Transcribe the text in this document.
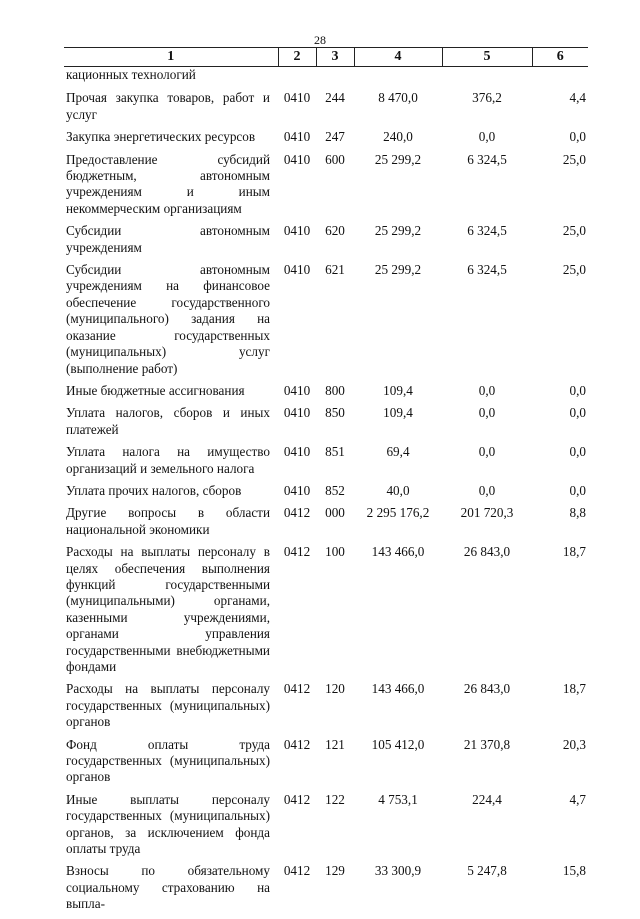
28
1	2	3	4	5	6
кационных технологий					
Прочая закупка товаров, работ и услуг	0410	244	8 470,0	376,2	4,4
Закупка энергетических ресурсов	0410	247	240,0	0,0	0,0
Предоставление субсидий бюджетным, автономным учреждениям и иным некоммерческим организациям	0410	600	25 299,2	6 324,5	25,0
Субсидии автономным учреждениям	0410	620	25 299,2	6 324,5	25,0
Субсидии автономным учреждениям на финансовое обеспечение государственного (муниципального) задания на оказание государственных (муниципальных) услуг (выполнение работ)	0410	621	25 299,2	6 324,5	25,0
Иные бюджетные ассигнования	0410	800	109,4	0,0	0,0
Уплата налогов, сборов и иных платежей	0410	850	109,4	0,0	0,0
Уплата налога на имущество организаций и земельного налога	0410	851	69,4	0,0	0,0
Уплата прочих налогов, сборов	0410	852	40,0	0,0	0,0
Другие вопросы в области национальной экономики	0412	000	2 295 176,2	201 720,3	8,8
Расходы на выплаты персоналу в целях обеспечения выполнения функций государственными (муниципальными) органами, казенными учреждениями, органами управления государственными внебюджетными фондами	0412	100	143 466,0	26 843,0	18,7
Расходы на выплаты персоналу государственных (муниципальных) органов	0412	120	143 466,0	26 843,0	18,7
Фонд оплаты труда государственных (муниципальных) органов	0412	121	105 412,0	21 370,8	20,3
Иные выплаты персоналу государственных (муниципальных) органов, за исключением фонда оплаты труда	0412	122	4 753,1	224,4	4,7
Взносы по обязательному социальному страхованию на выпла-	0412	129	33 300,9	5 247,8	15,8
